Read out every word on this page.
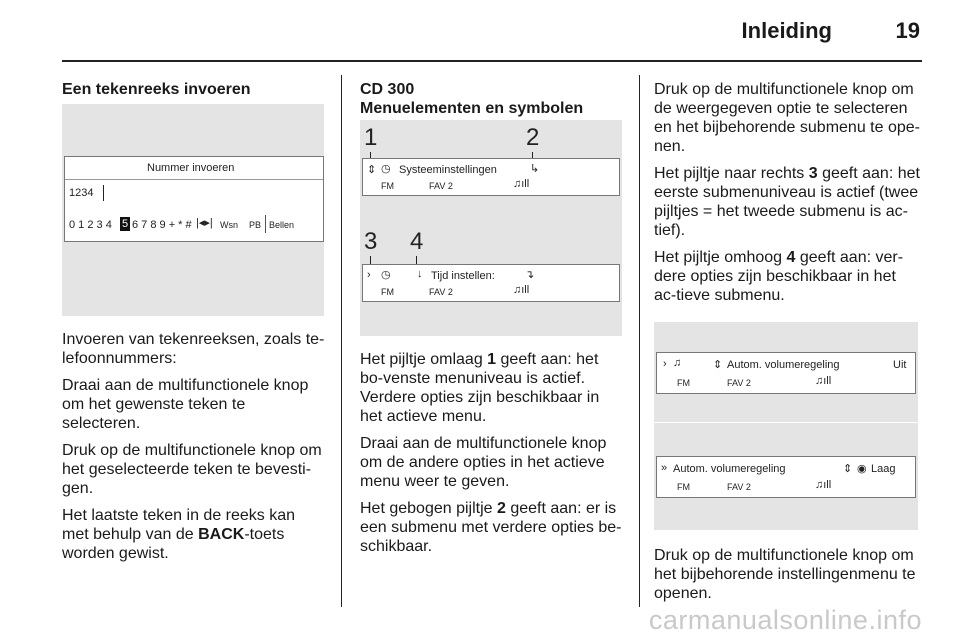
Inleiding	19
Een tekenreeks invoeren
Nummer invoeren
1234
0 1 2 3 4 5 6 7 8 9 + * # |◂▸| Wsn PB Bellen

Invoeren van tekenreeksen, zoals te-lefoonnummers:

Draai aan de multifunctionele knop om het gewenste teken te selecteren.

Druk op de multifunctionele knop om het geselecteerde teken te bevesti-gen.

Het laatste teken in de reeks kan met behulp van de BACK-toets worden gewist.

CD 300
Menuelementen en symbolen
1	2
⇕ ◷ Systeeminstellingen	↳
FM	FAV 2	♫ıll
3 4
› ◷ ↓ Tijd instellen:	↴
FM	FAV 2	♫ıll

Het pijltje omlaag 1 geeft aan: het bo-venste menuniveau is actief. Verdere opties zijn beschikbaar in het actieve menu.

Draai aan de multifunctionele knop om de andere opties in het actieve menu weer te geven.

Het gebogen pijltje 2 geeft aan: er is een submenu met verdere opties be-schikbaar.

Druk op de multifunctionele knop om de weergegeven optie te selecteren en het bijbehorende submenu te ope-nen.

Het pijltje naar rechts 3 geeft aan: het eerste submenuniveau is actief (twee pijltjes = het tweede submenu is ac-tief).

Het pijltje omhoog 4 geeft aan: ver-dere opties zijn beschikbaar in het ac-tieve submenu.

› ♫	⇕ Autom. volumeregeling	Uit
FM	FAV 2	♫ıll
» Autom. volumeregeling	⇕ ◉ Laag
FM	FAV 2	♫ıll

Druk op de multifunctionele knop om het bijbehorende instellingenmenu te openen.

carmanualsonline.info
